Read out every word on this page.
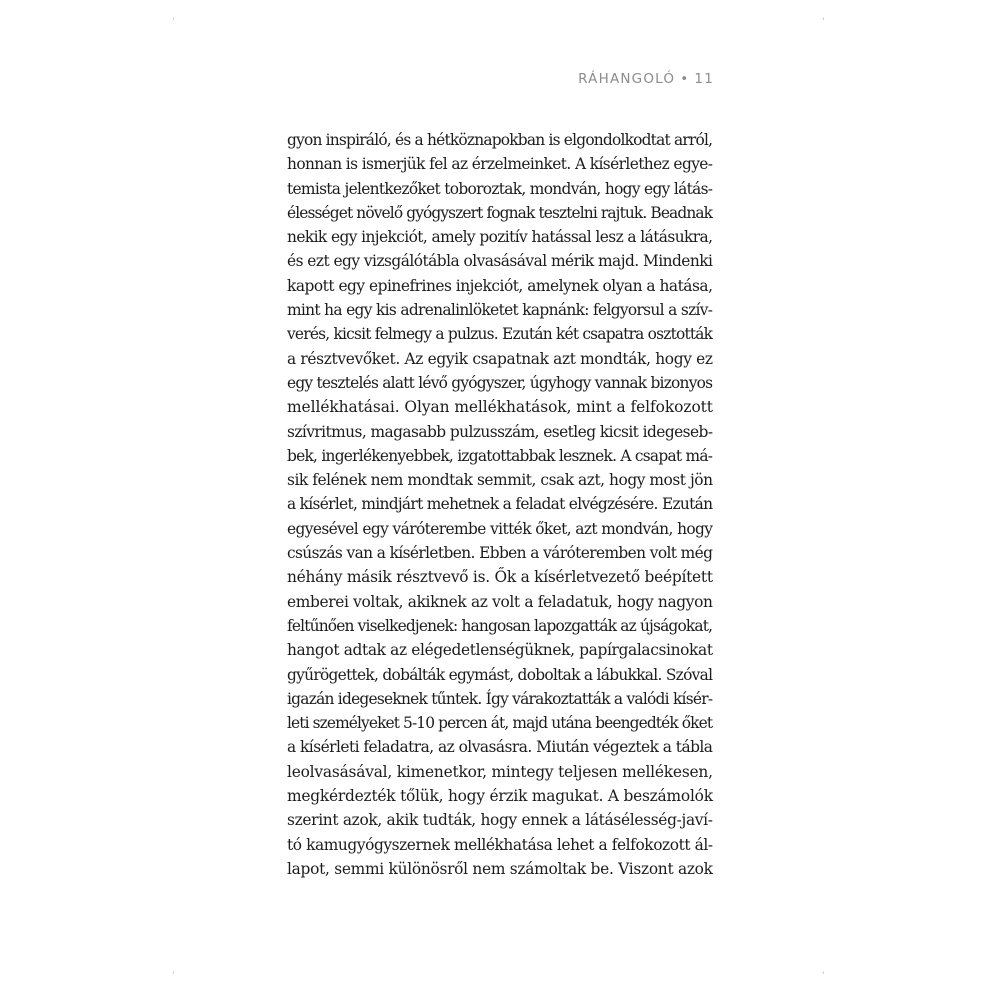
'	'
'	'
RÁHANGOLÓ • 11
gyon inspiráló, és a hétköznapokban is elgondolkodtat arról,
honnan is ismerjük fel az érzelmeinket. A kísérlethez egye-
temista jelentkezőket toboroztak, mondván, hogy egy látás-
élességet növelő gyógyszert fognak tesztelni rajtuk. Beadnak
nekik egy injekciót, amely pozitív hatással lesz a látásukra,
és ezt egy vizsgálótábla olvasásával mérik majd. Mindenki
kapott egy epinefrines injekciót, amelynek olyan a hatása,
mint ha egy kis adrenalinlöketet kapnánk: felgyorsul a szív-
verés, kicsit felmegy a pulzus. Ezután két csapatra osztották
a résztvevőket. Az egyik csapatnak azt mondták, hogy ez
egy tesztelés alatt lévő gyógyszer, úgyhogy vannak bizonyos
mellékhatásai. Olyan mellékhatások, mint a felfokozott
szívritmus, magasabb pulzusszám, esetleg kicsit idegeseb-
bek, ingerlékenyebbek, izgatottabbak lesznek. A csapat má-
sik felének nem mondtak semmit, csak azt, hogy most jön
a kísérlet, mindjárt mehetnek a feladat elvégzésére. Ezután
egyesével egy váróterembe vitték őket, azt mondván, hogy
csúszás van a kísérletben. Ebben a váróteremben volt még
néhány másik résztvevő is. Ők a kísérletvezető beépített
emberei voltak, akiknek az volt a feladatuk, hogy nagyon
feltűnően viselkedjenek: hangosan lapozgatták az újságokat,
hangot adtak az elégedetlenségüknek, papírgalacsinokat
gyűrögettek, dobálták egymást, doboltak a lábukkal. Szóval
igazán idegeseknek tűntek. Így várakoztatták a valódi kísér-
leti személyeket 5-10 percen át, majd utána beengedték őket
a kísérleti feladatra, az olvasásra. Miután végeztek a tábla
leolvasásával, kimenetkor, mintegy teljesen mellékesen,
megkérdezték tőlük, hogy érzik magukat. A beszámolók
szerint azok, akik tudták, hogy ennek a látásélesség-javí-
tó kamugyógyszernek mellékhatása lehet a felfokozott ál-
lapot, semmi különösről nem számoltak be. Viszont azok
